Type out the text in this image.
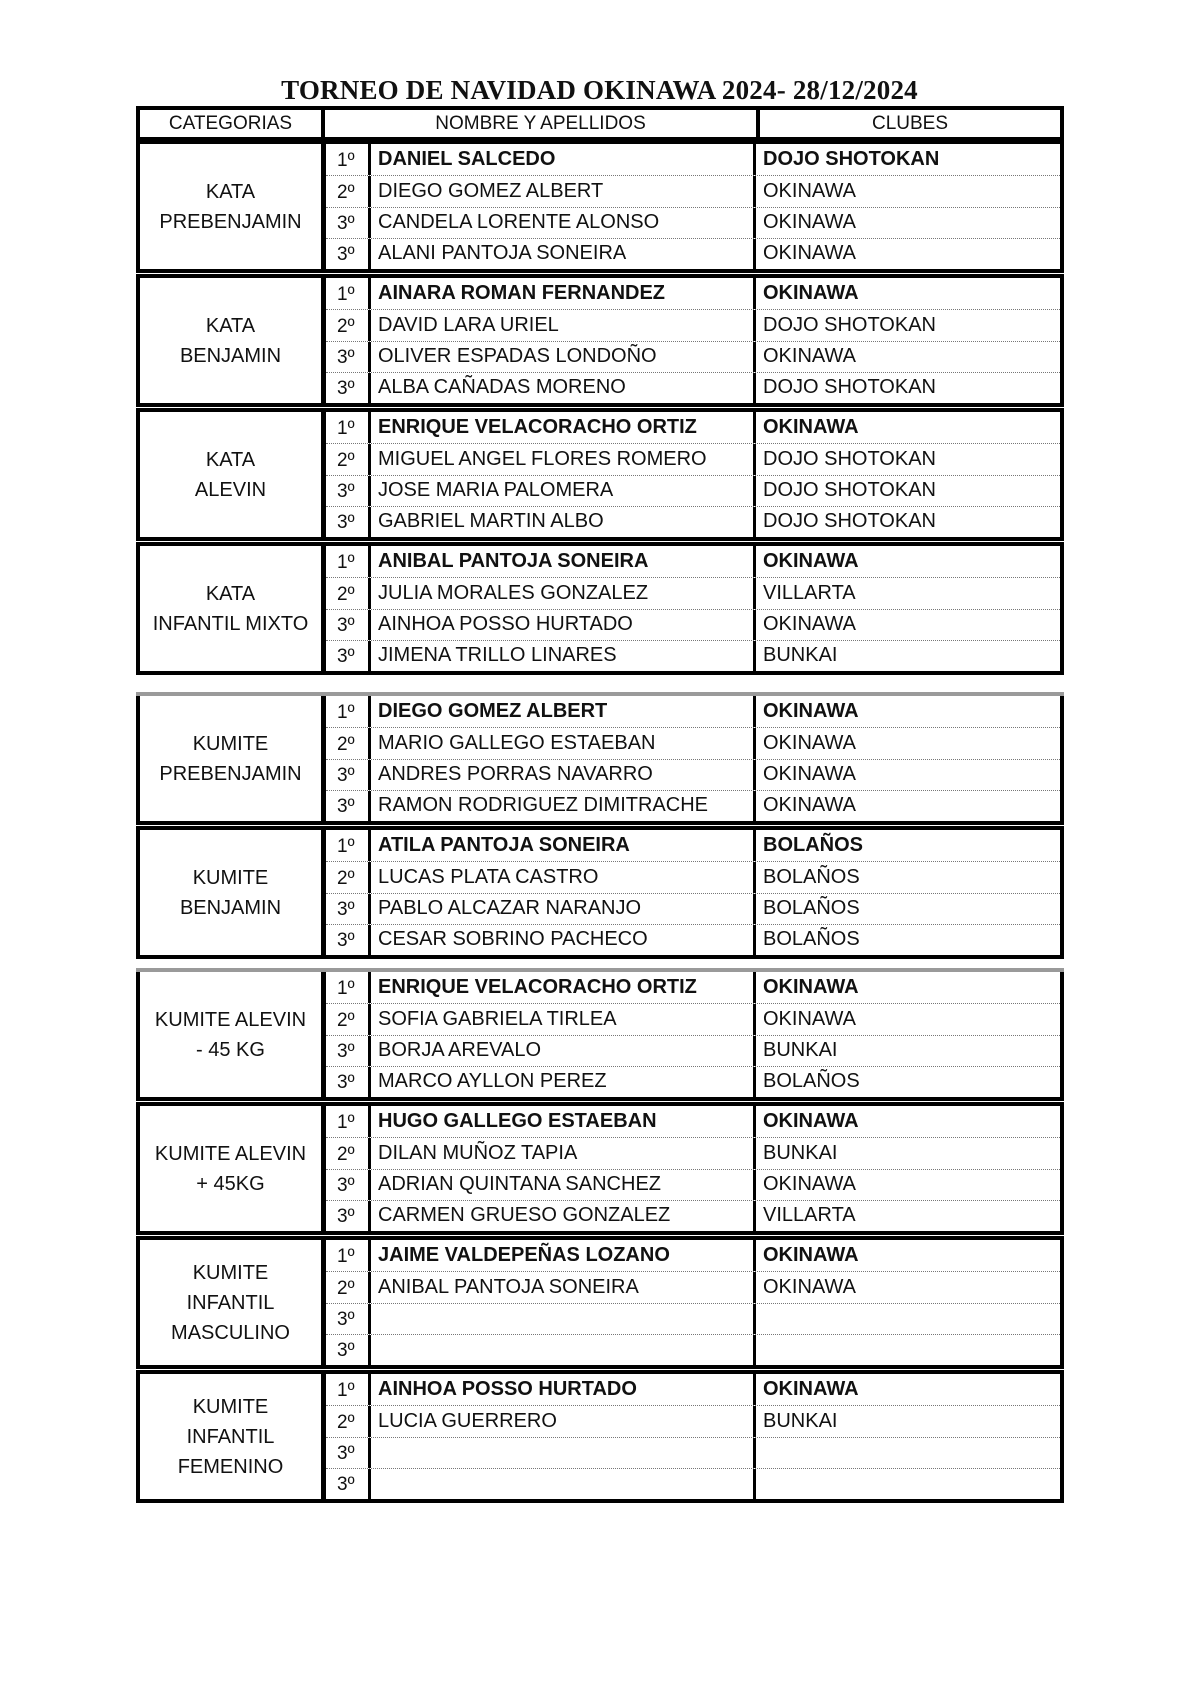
TORNEO DE NAVIDAD OKINAWA 2024- 28/12/2024
CATEGORIAS	NOMBRE Y APELLIDOS	CLUBES
KATA
PREBENJAMIN
1º	DANIEL SALCEDO	DOJO SHOTOKAN
2º	DIEGO GOMEZ ALBERT	OKINAWA
3º	CANDELA LORENTE ALONSO	OKINAWA
3º	ALANI PANTOJA SONEIRA	OKINAWA
KATA
BENJAMIN
1º	AINARA ROMAN FERNANDEZ	OKINAWA
2º	DAVID LARA URIEL	DOJO SHOTOKAN
3º	OLIVER ESPADAS LONDOÑO	OKINAWA
3º	ALBA CAÑADAS MORENO	DOJO SHOTOKAN
KATA
ALEVIN
1º	ENRIQUE VELACORACHO ORTIZ	OKINAWA
2º	MIGUEL ANGEL FLORES ROMERO	DOJO SHOTOKAN
3º	JOSE MARIA PALOMERA	DOJO SHOTOKAN
3º	GABRIEL MARTIN ALBO	DOJO SHOTOKAN
KATA
INFANTIL MIXTO
1º	ANIBAL PANTOJA SONEIRA	OKINAWA
2º	JULIA MORALES GONZALEZ	VILLARTA
3º	AINHOA POSSO HURTADO	OKINAWA
3º	JIMENA TRILLO LINARES	BUNKAI
KUMITE
PREBENJAMIN
1º	DIEGO GOMEZ ALBERT	OKINAWA
2º	MARIO GALLEGO ESTAEBAN	OKINAWA
3º	ANDRES PORRAS NAVARRO	OKINAWA
3º	RAMON RODRIGUEZ DIMITRACHE	OKINAWA
KUMITE
BENJAMIN
1º	ATILA PANTOJA SONEIRA	BOLAÑOS
2º	LUCAS PLATA CASTRO	BOLAÑOS
3º	PABLO ALCAZAR NARANJO	BOLAÑOS
3º	CESAR SOBRINO PACHECO	BOLAÑOS
KUMITE ALEVIN
- 45 KG
1º	ENRIQUE VELACORACHO ORTIZ	OKINAWA
2º	SOFIA GABRIELA TIRLEA	OKINAWA
3º	BORJA AREVALO	BUNKAI
3º	MARCO AYLLON PEREZ	BOLAÑOS
KUMITE ALEVIN
+ 45KG
1º	HUGO GALLEGO ESTAEBAN	OKINAWA
2º	DILAN MUÑOZ TAPIA	BUNKAI
3º	ADRIAN QUINTANA SANCHEZ	OKINAWA
3º	CARMEN GRUESO GONZALEZ	VILLARTA
KUMITE
INFANTIL
MASCULINO
1º	JAIME VALDEPEÑAS LOZANO	OKINAWA
2º	ANIBAL PANTOJA SONEIRA	OKINAWA
3º
3º
KUMITE
INFANTIL
FEMENINO
1º	AINHOA POSSO HURTADO	OKINAWA
2º	LUCIA GUERRERO	BUNKAI
3º
3º
